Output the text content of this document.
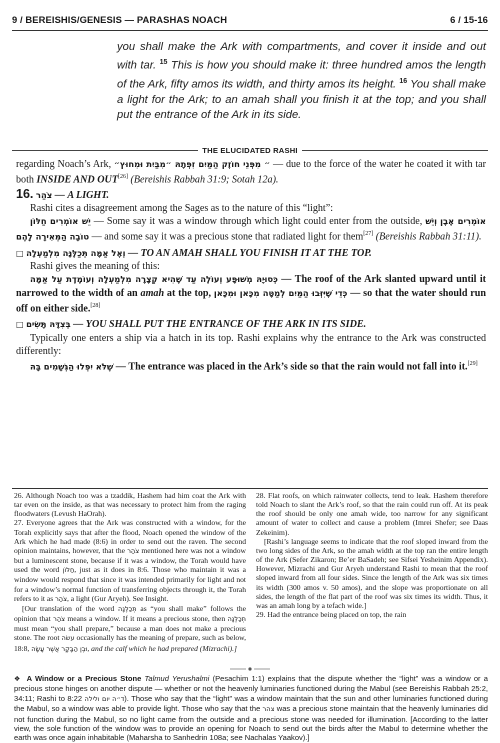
9 / BEREISHIS/GENESIS — PARASHAS NOACH	6 / 15-16
you shall make the Ark with compartments, and cover it inside and out with tar. $^{15}$ This is how you should make it: three hundred amos the length of the Ark, fifty amos its width, and thirty amos its height. $^{16}$ You shall make a light for the Ark; to an amah shall you finish it at the top; and you shall put the entrance of the Ark in its side.
THE ELUCIDATED RASHI

regarding Noach’s Ark, ״ מִפְּנֵי חוֹזֶק הַמַּיִם זִפְּתָהּ ״מִבַּיִת וּמִחוּץ״ — due to the force of the water he coated it with tar both INSIDE AND OUT[26] (Bereishis Rabbah 31:9; Sotah 12a).

16. צֹהַר — A LIGHT.

Rashi cites a disagreement among the Sages as to the nature of this “light”:

יֵשׁ אוֹמְרִים חַלּוֹן — Some say it was a window through which light could enter from the outside, וְיֵשׁ אוֹמְרִים אֶבֶן טוֹבָה הַמְּאִירָה לָהֶם — and some say it was a precious stone that radiated light for them[27] (Bereishis Rabbah 31:11).

□ וְאֶל אַמָּה תְּכַלֶּנָּה מִלְמַעְלָה — TO AN AMAH SHALL YOU FINISH IT AT THE TOP.

Rashi gives the meaning of this:

כְּסוּיָהּ מְשׁוּפָּע וְעוֹלֶה עַד שֶׁהִיא קְצָרָה מִלְמַעְלָה וְעוֹמֶדֶת עַל אַמָּה — The roof of the Ark slanted upward until it narrowed to the width of an amah at the top, כְּדֵי שֶׁיִּזְּבוּ הַמַּיִם לְמַטָּה מִכָּאן וּמִכָּאן — so that the water should run off on either side.[28]

□ בְּצִדָּהּ תָּשִׂים — YOU SHALL PUT THE ENTRANCE OF THE ARK IN ITS SIDE.

Typically one enters a ship via a hatch in its top. Rashi explains why the entrance to the Ark was constructed differently:

שֶׁלֹּא יִפְּלוּ הַגְּשָׁמִים בָּהּ — The entrance was placed in the Ark’s side so that the rain would not fall into it.[29]

26. Although Noach too was a tzaddik, Hashem had him coat the Ark with tar even on the inside, as that was necessary to protect him from the raging floodwaters (Levush HaOrah).

27. Everyone agrees that the Ark was constructed with a window, for the Torah explicitly says that after the flood, Noach opened the window of the Ark which he had made (8:6) in order to send out the raven. The second opinion maintains, however, that the צֹהַר mentioned here was not a window but a luminescent stone, because if it was a window, the Torah would have used the word חַלּוֹן, just as it does in 8:6. Those who maintain it was a window would respond that since it was intended primarily for light and not for a window’s normal function of transferring objects through it, the Torah refers to it as צֹהַר, a light (Gur Aryeh). See Insight.

[Our translation of the word תְּכַלֶּנָּה as “you shall make” follows the opinion that צֹהַר means a window. If it means a precious stone, then תְּכַלֶּנָּה must mean “you shall prepare,” because a man does not make a precious stone. The root עשׂה occasionally has the meaning of prepare, such as below, 18:8, וּבֶן הַבָּקָר אֲשֶׁר עָשָׂה, and the calf which he had prepared (Mizrachi).]

28. Flat roofs, on which rainwater collects, tend to leak. Hashem therefore told Noach to slant the Ark’s roof, so that the rain could run off. At its peak the roof should be only one amah wide, too narrow for any significant amount of water to collect and cause a problem (Imrei Shefer; see Daas Zekeinim).

[Rashi’s language seems to indicate that the roof sloped inward from the two long sides of the Ark, so the amah width at the top ran the entire length of the Ark (Sefer Zikaron; Be’er BaSadeh; see Sifsei Yesheinim Appendix). However, Mizrachi and Gur Aryeh understand Rashi to mean that the roof sloped inward from all four sides. Since the length of the Ark was six times its width (300 amos v. 50 amos), and the slope was proportionate on all sides, the length of the flat part of the roof was six times its width. Thus, it was an amah long by a tefach wide.]

29. Had the entrance being placed on top, the rain

❖ A Window or a Precious Stone Talmud Yerushalmi (Pesachim 1:1) explains that the dispute whether the “light” was a window or a precious stone hinges on another dispute — whether or not the heavenly luminaries functioned during the Mabul (see Bereishis Rabbah 25:2, 34:11; Rashi to 8:22 ד״ה יום ולילה). Those who say that the “light” was a window maintain that the sun and other luminaries functioned during the Mabul, so a window was able to provide light. Those who say that the צהר was a precious stone maintain that the heavenly luminaries did not function during the Mabul, so no light came from the outside and a precious stone was needed for illumination. [According to the latter view, the sole function of the window was to provide an opening for Noach to send out the birds after the Mabul to determine whether the earth was once again inhabitable (Maharsha to Sanhedrin 108a; see Nachalas Yaakov).]
